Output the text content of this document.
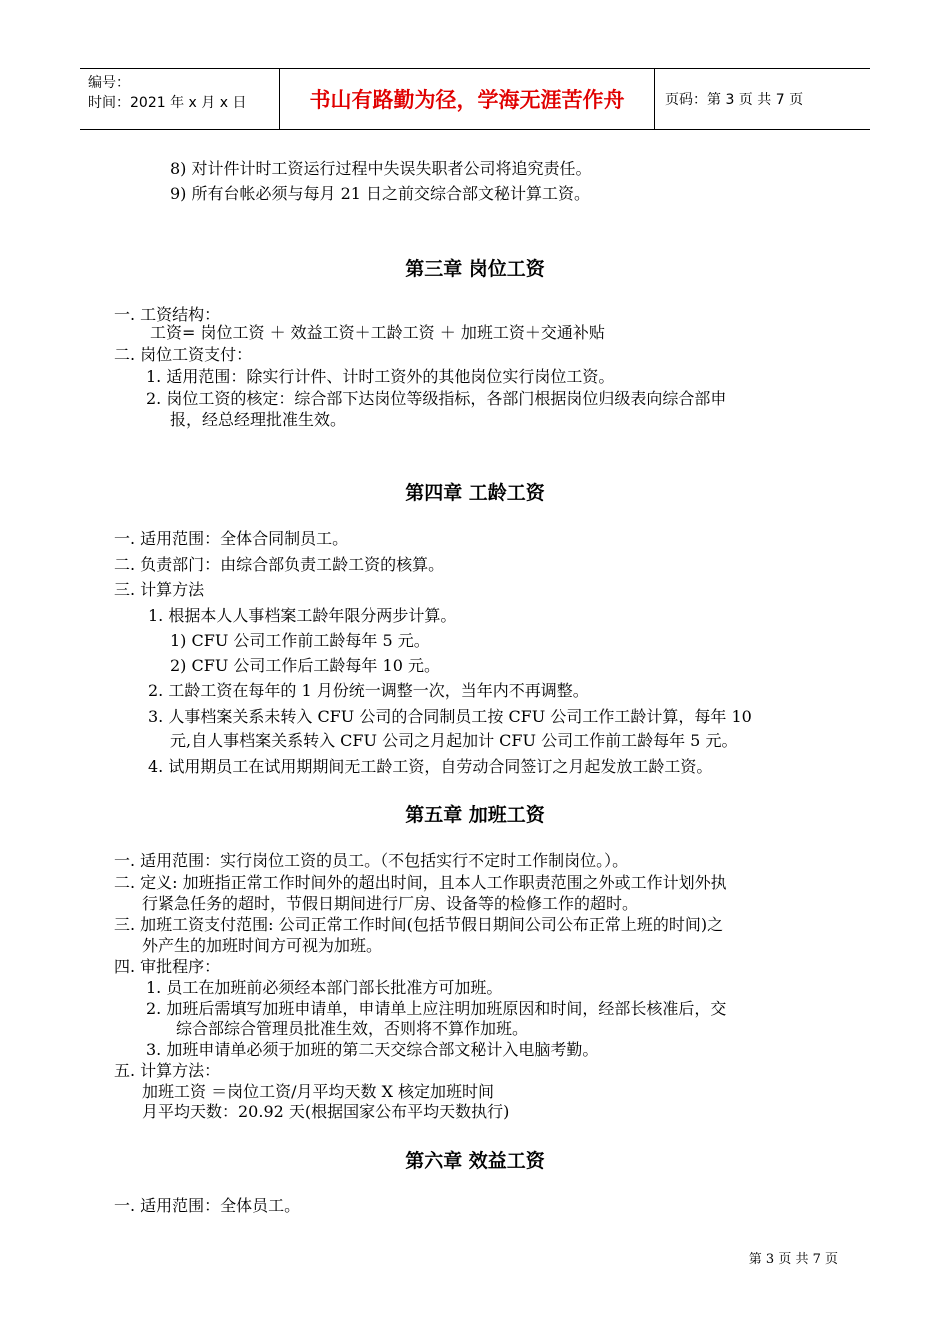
编号：
时间：2021 年 x 月 x 日	书山有路勤为径，学海无涯苦作舟	页码：第 3 页 共 7 页
8) 对计件计时工资运行过程中失误失职者公司将追究责任。
9) 所有台帐必须与每月 21 日之前交综合部文秘计算工资。
第三章 岗位工资
一. 工资结构：
工资= 岗位工资 ＋ 效益工资＋工龄工资 ＋ 加班工资＋交通补贴
二. 岗位工资支付：
1. 适用范围：除实行计件、计时工资外的其他岗位实行岗位工资。
2. 岗位工资的核定：综合部下达岗位等级指标，各部门根据岗位归级表向综合部申
报，经总经理批准生效。
第四章 工龄工资
一. 适用范围：全体合同制员工。
二. 负责部门：由综合部负责工龄工资的核算。
三. 计算方法
1. 根据本人人事档案工龄年限分两步计算。
1) CFU 公司工作前工龄每年 5 元。
2) CFU 公司工作后工龄每年 10 元。
2. 工龄工资在每年的 1 月份统一调整一次，当年内不再调整。
3. 人事档案关系未转入 CFU 公司的合同制员工按 CFU 公司工作工龄计算，每年 10
元,自人事档案关系转入 CFU 公司之月起加计 CFU 公司工作前工龄每年 5 元。
4. 试用期员工在试用期期间无工龄工资，自劳动合同签订之月起发放工龄工资。
第五章 加班工资
一. 适用范围：实行岗位工资的员工。（不包括实行不定时工作制岗位。）。
二. 定义: 加班指正常工作时间外的超出时间，且本人工作职责范围之外或工作计划外执
行紧急任务的超时，节假日期间进行厂房、设备等的检修工作的超时。
三. 加班工资支付范围: 公司正常工作时间(包括节假日期间公司公布正常上班的时间)之
外产生的加班时间方可视为加班。
四. 审批程序：
1. 员工在加班前必须经本部门部长批准方可加班。
2. 加班后需填写加班申请单，申请单上应注明加班原因和时间，经部长核准后，交
综合部综合管理员批准生效，否则将不算作加班。
3. 加班申请单必须于加班的第二天交综合部文秘计入电脑考勤。
五. 计算方法：
加班工资 ＝岗位工资/月平均天数 X 核定加班时间
月平均天数：20.92 天(根据国家公布平均天数执行)
第六章 效益工资
一. 适用范围：全体员工。
第 3 页 共 7 页
